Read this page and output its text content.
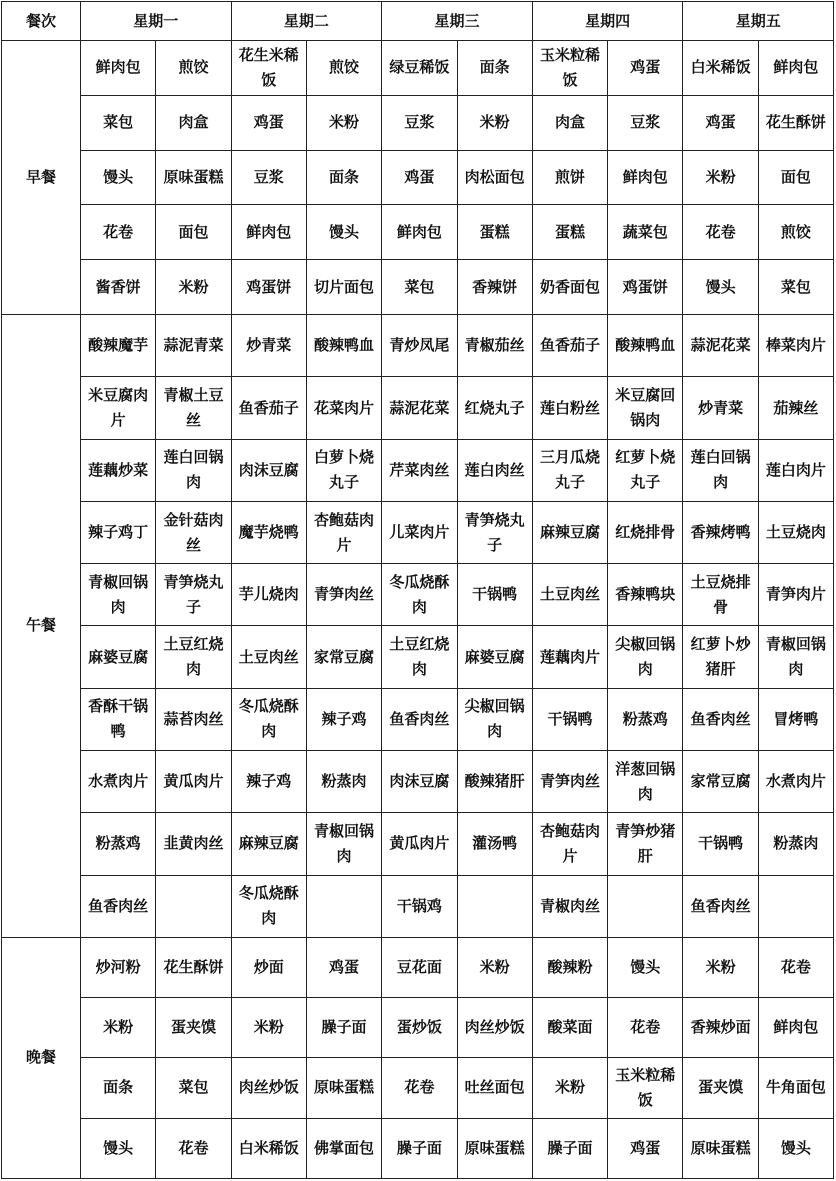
餐次	星期一		星期二		星期三		星期四		星期五	
早餐	鲜肉包	煎饺	花生米稀饭	煎饺	绿豆稀饭	面条	玉米粒稀饭	鸡蛋	白米稀饭	鲜肉包
	菜包	肉盒	鸡蛋	米粉	豆浆	米粉	肉盒	豆浆	鸡蛋	花生酥饼
	馒头	原味蛋糕	豆浆	面条	鸡蛋	肉松面包	煎饼	鲜肉包	米粉	面包
	花卷	面包	鲜肉包	馒头	鲜肉包	蛋糕	蛋糕	蔬菜包	花卷	煎饺
	酱香饼	米粉	鸡蛋饼	切片面包	菜包	香辣饼	奶香面包	鸡蛋饼	馒头	菜包
午餐	酸辣魔芋	蒜泥青菜	炒青菜	酸辣鸭血	青炒凤尾	青椒茄丝	鱼香茄子	酸辣鸭血	蒜泥花菜	棒菜肉片
	米豆腐肉片	青椒土豆丝	鱼香茄子	花菜肉片	蒜泥花菜	红烧丸子	莲白粉丝	米豆腐回锅肉	炒青菜	茄辣丝
	莲藕炒菜	莲白回锅肉	肉沫豆腐	白萝卜烧丸子	芹菜肉丝	莲白肉丝	三月瓜烧丸子	红萝卜烧丸子	莲白回锅肉	莲白肉片
	辣子鸡丁	金针菇肉丝	魔芋烧鸭	杏鲍菇肉片	儿菜肉片	青笋烧丸子	麻辣豆腐	红烧排骨	香辣烤鸭	土豆烧肉
	青椒回锅肉	青笋烧丸子	芋儿烧肉	青笋肉丝	冬瓜烧酥肉	干锅鸭	土豆肉丝	香辣鸭块	土豆烧排骨	青笋肉片
	麻婆豆腐	土豆红烧肉	土豆肉丝	家常豆腐	土豆红烧肉	麻婆豆腐	莲藕肉片	尖椒回锅肉	红萝卜炒猪肝	青椒回锅肉
	香酥干锅鸭	蒜苔肉丝	冬瓜烧酥肉	辣子鸡	鱼香肉丝	尖椒回锅肉	干锅鸭	粉蒸鸡	鱼香肉丝	冒烤鸭
	水煮肉片	黄瓜肉片	辣子鸡	粉蒸肉	肉沫豆腐	酸辣猪肝	青笋肉丝	洋葱回锅肉	家常豆腐	水煮肉片
	粉蒸鸡	韭黄肉丝	麻辣豆腐	青椒回锅肉	黄瓜肉片	灌汤鸭	杏鲍菇肉片	青笋炒猪肝	干锅鸭	粉蒸肉
	鱼香肉丝		冬瓜烧酥肉		干锅鸡		青椒肉丝		鱼香肉丝	
晚餐	炒河粉	花生酥饼	炒面	鸡蛋	豆花面	米粉	酸辣粉	馒头	米粉	花卷
	米粉	蛋夹馍	米粉	臊子面	蛋炒饭	肉丝炒饭	酸菜面	花卷	香辣炒面	鲜肉包
	面条	菜包	肉丝炒饭	原味蛋糕	花卷	吐丝面包	米粉	玉米粒稀饭	蛋夹馍	牛角面包
	馒头	花卷	白米稀饭	佛掌面包	臊子面	原味蛋糕	臊子面	鸡蛋	原味蛋糕	馒头
